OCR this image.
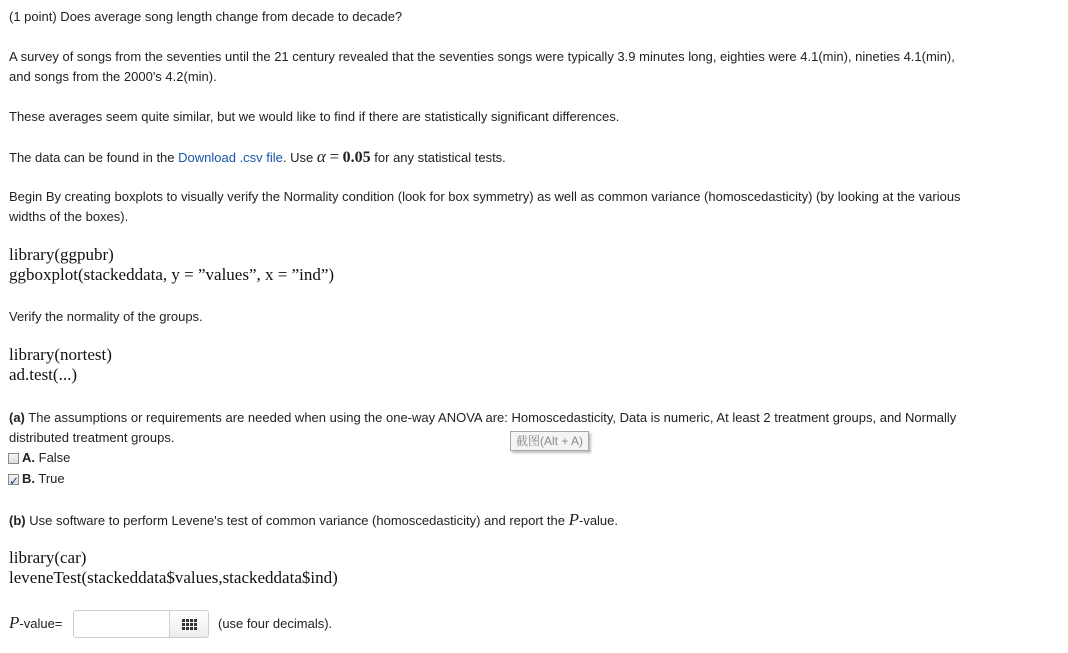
(1 point) Does average song length change from decade to decade?
A survey of songs from the seventies until the 21 century revealed that the seventies songs were typically 3.9 minutes long, eighties were 4.1(min), nineties 4.1(min),
and songs from the 2000's 4.2(min).
These averages seem quite similar, but we would like to find if there are statistically significant differences.
The data can be found in the Download .csv file. Use α = 0.05 for any statistical tests.
Begin By creating boxplots to visually verify the Normality condition (look for box symmetry) as well as common variance (homoscedasticity) (by looking at the various
widths of the boxes).
library(ggpubr)
ggboxplot(stackeddata, y = ”values”, x = ”ind”)
Verify the normality of the groups.
library(nortest)
ad.test(...)
(a) The assumptions or requirements are needed when using the one-way ANOVA are: Homoscedasticity, Data is numeric, At least 2 treatment groups, and Normally
distributed treatment groups.	截图(Alt + A)
A. False
✓B. True
(b) Use software to perform Levene's test of common variance (homoscedasticity) and report the P-value.
library(car)
leveneTest(stackeddata$values,stackeddata$ind)
P-value=	(use four decimals).
